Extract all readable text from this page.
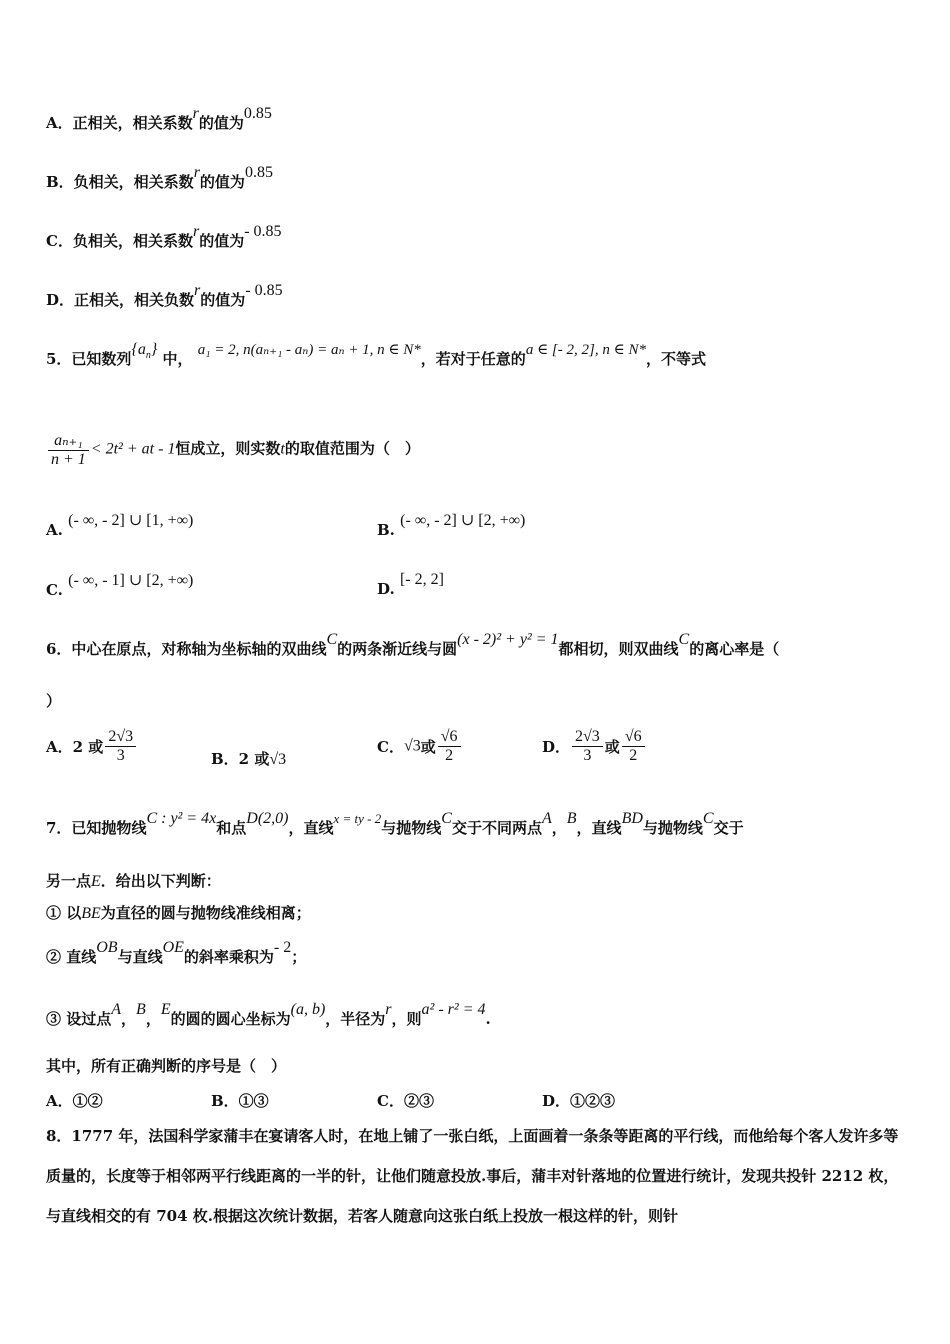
A．正相关，相关系数r的值为0.85
B．负相关，相关系数r的值为0.85
C．负相关，相关系数r的值为- 0.85
D．正相关，相关负数r的值为- 0.85
5．已知数列$\{a_n\}$ 中， a₁ = 2, n(aₙ₊₁ - aₙ) = aₙ + 1, n ∈ N*，若对于任意的a ∈ [- 2, 2], n ∈ N*，不等式
$\frac{\text{aₙ₊₁}}{n + 1} < 2t^2$ + at - 1恒成立，则实数t的取值范围为（　）
A. (- ∞, - 2] ∪ [1, +∞)
B. (- ∞, - 2] ∪ [2, +∞)
C. (- ∞, - 1] ∪ [2, +∞)	D. [- 2, 2]
6．中心在原点，对称轴为坐标轴的双曲线C的两条渐近线与圆(x - 2)² + y² = 1都相切，则双曲线C的离心率是（
）
A．2 或 $\frac{2√3}{3}$	B．2 或√3
C．√3或 $\frac{√6}{2}$	D． $\frac{2√3}{3}$ 或 $\frac{√6}{2}$
7．已知抛物线C : y² = 4x和点D(2,0)，直线x = ty - 2与抛物线C交于不同两点A，B，直线BD与抛物线C交于
另一点E．给出以下判断：
① 以BE为直径的圆与抛物线准线相离；
② 直线OB与直线OE的斜率乘积为- 2；
③ 设过点A，B，E的圆的圆心坐标为(a, b)，半径为r，则a² - r² = 4.
其中，所有正确判断的序号是（　）
A．①②	B．①③	C．②③	D．①②③
8．1777 年，法国科学家蒲丰在宴请客人时，在地上铺了一张白纸，上面画着一条条等距离的平行线，而他给每个客人发许多等质量的，长度等于相邻两平行线距离的一半的针，让他们随意投放.事后，蒲丰对针落地的位置进行统计，发现共投针 2212 枚，与直线相交的有 704 枚.根据这次统计数据，若客人随意向这张白纸上投放一根这样的针，则针
